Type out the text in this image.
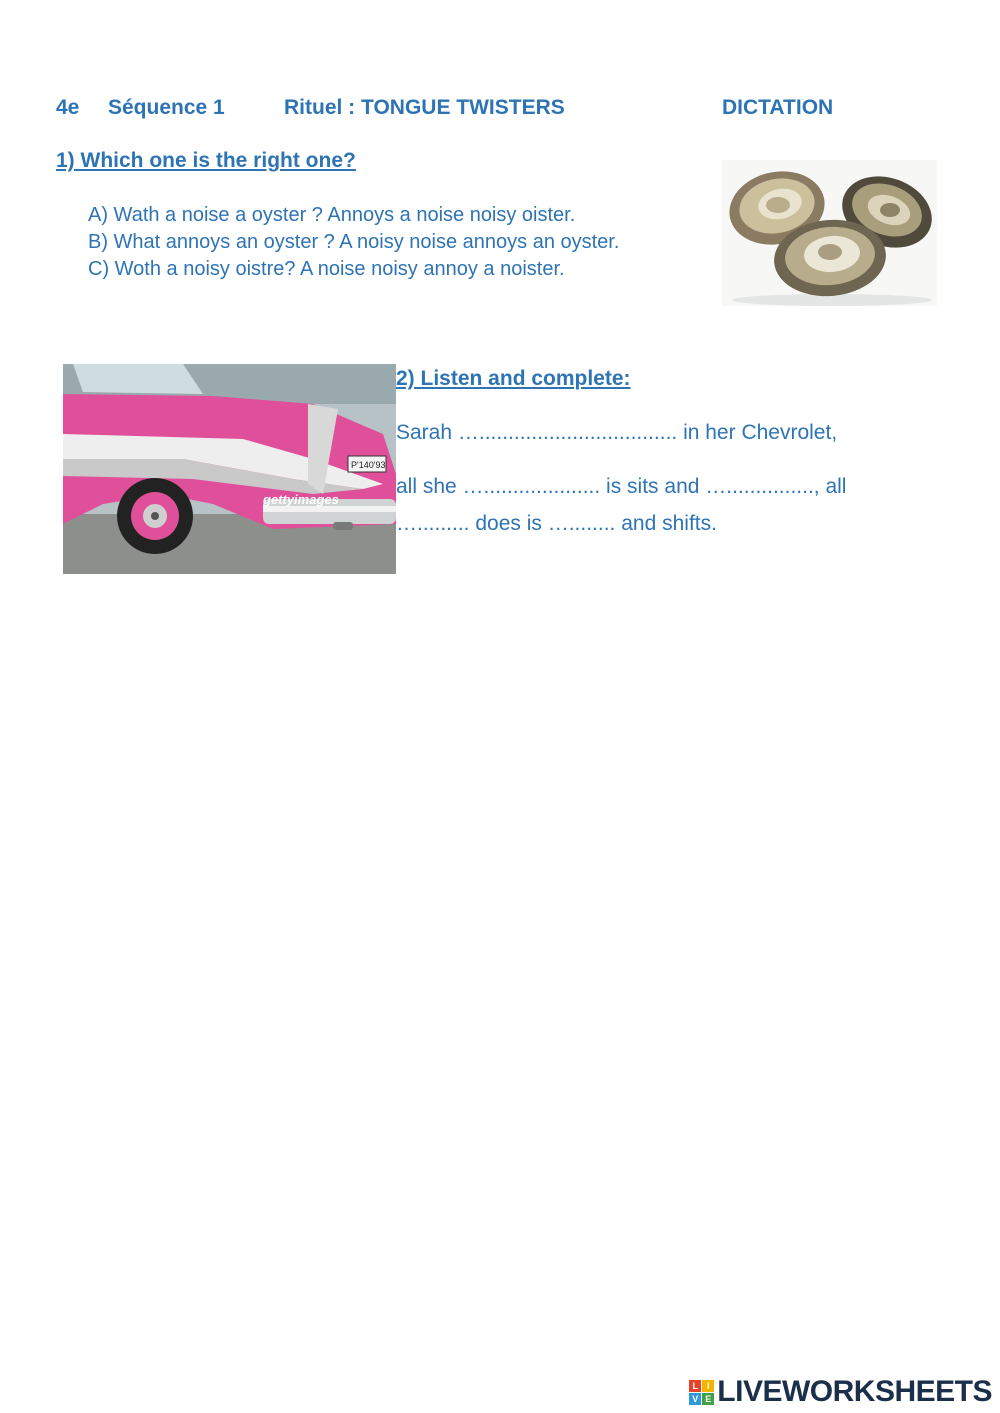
4e Séquence 1	Rituel : TONGUE TWISTERS	DICTATION
1) Which one is the right one?
A) Wath a noise a oyster ? Annoys a noise noisy oister.
B) What annoys an oyster ? A noisy noise annoys an oyster.
C) Woth a noisy oistre? A noise noisy annoy a noister.
P'140'93
gettyimages
2) Listen and complete:
Sarah ….................................. in her Chevrolet,
all she ….................... is sits and …..............., all
…......... does is …........ and shifts.
L I
V E LIVEWORKSHEETS
